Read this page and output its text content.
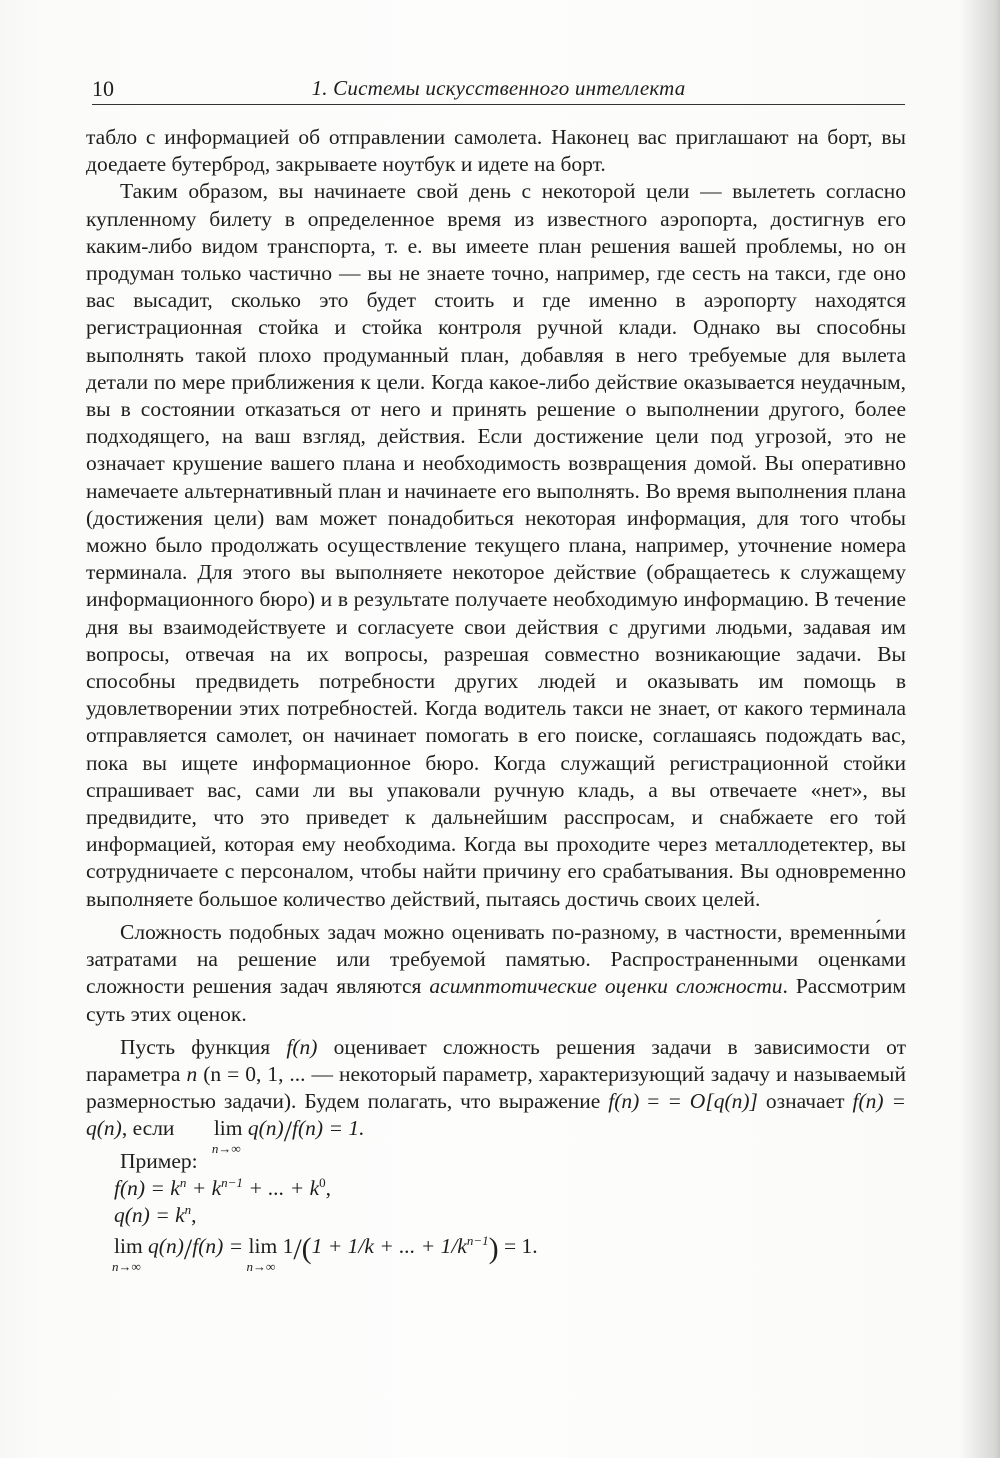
10	1. Системы искусственного интеллекта

табло с информацией об отправлении самолета. Наконец вас приглашают на борт, вы доедаете бутерброд, закрываете ноутбук и идете на борт.

Таким образом, вы начинаете свой день с некоторой цели — вылететь согласно купленному билету в определенное время из известного аэропорта, достигнув его каким-либо видом транспорта, т. е. вы имеете план решения вашей проблемы, но он продуман только частично — вы не знаете точно, например, где сесть на такси, где оно вас высадит, сколько это будет стоить и где именно в аэропорту находятся регистрационная стойка и стойка контроля ручной клади. Однако вы способны выполнять такой плохо продуманный план, добавляя в него требуемые для вылета детали по мере приближения к цели. Когда какое-либо действие оказывается неудачным, вы в состоянии отказаться от него и принять решение о выполнении другого, более подходящего, на ваш взгляд, действия. Если достижение цели под угрозой, это не означает крушение вашего плана и необходимость возвращения домой. Вы оперативно намечаете альтернативный план и начинаете его выполнять. Во время выполнения плана (достижения цели) вам может понадобиться некоторая информация, для того чтобы можно было продолжать осуществление текущего плана, например, уточнение номера терминала. Для этого вы выполняете некоторое действие (обращаетесь к служащему информационного бюро) и в результате получаете необходимую информацию. В течение дня вы взаимодействуете и согласуете свои действия с другими людьми, задавая им вопросы, отвечая на их вопросы, разрешая совместно возникающие задачи. Вы способны предвидеть потребности других людей и оказывать им помощь в удовлетворении этих потребностей. Когда водитель такси не знает, от какого терминала отправляется самолет, он начинает помогать в его поиске, соглашаясь подождать вас, пока вы ищете информационное бюро. Когда служащий регистрационной стойки спрашивает вас, сами ли вы упаковали ручную кладь, а вы отвечаете «нет», вы предвидите, что это приведет к дальнейшим расспросам, и снабжаете его той информацией, которая ему необходима. Когда вы проходите через металлодетектер, вы сотрудничаете с персоналом, чтобы найти причину его срабатывания. Вы одновременно выполняете большое количество действий, пытаясь достичь своих целей.

Сложность подобных задач можно оценивать по-разному, в частности, временны́ми затратами на решение или требуемой памятью. Распространенными оценками сложности решения задач являются асимптотические оценки сложности. Рассмотрим суть этих оценок.

Пусть функция f(n) оценивает сложность решения задачи в зависимости от параметра n (n = 0, 1, ... — некоторый параметр, характеризующий задачу и называемый размерностью задачи). Будем полагать, что выражение f(n) = = O[q(n)] означает f(n) = q(n), если lim
n→∞
q(n)/f(n) = 1.

Пример:
$f(n) = k^n + k^{n-1}$ + ... + $k^0$,
$q(n) = k^n$,
lim
n→∞
q(n)/f(n) = lim
n→∞
1/(1 + 1/k + ... + $1/k^{n-1}) = 1$.
